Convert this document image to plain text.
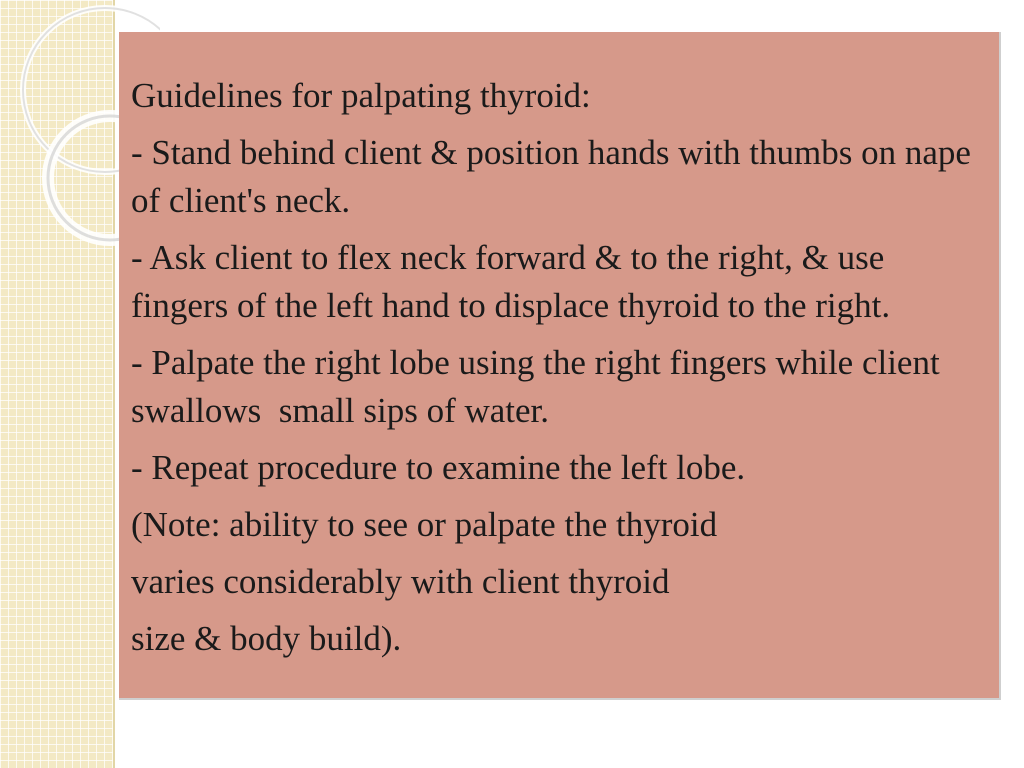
Guidelines for palpating thyroid:

- Stand behind client & position hands with thumbs on nape of client's neck.

- Ask client to flex neck forward & to the right, & use fingers of the left hand to displace thyroid to the right.

- Palpate the right lobe using the right fingers while client swallows  small sips of water.

- Repeat procedure to examine the left lobe.

(Note: ability to see or palpate the thyroid

varies considerably with client thyroid

size & body build).
